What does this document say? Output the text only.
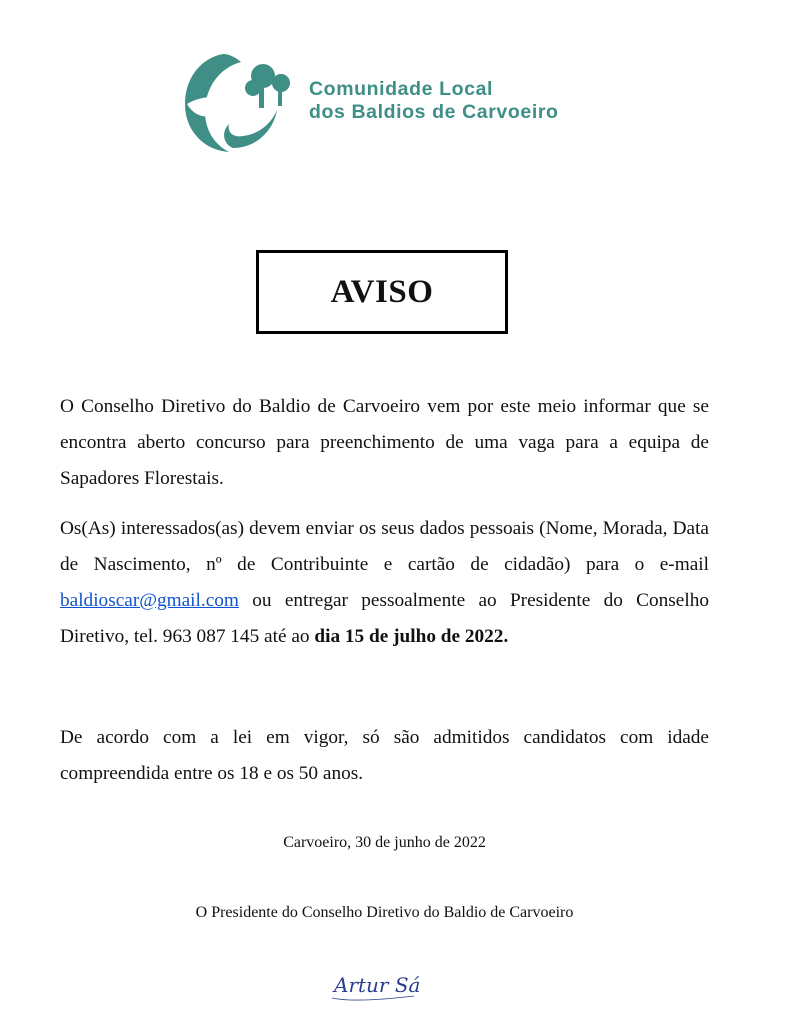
Comunidade Local
dos Baldios de Carvoeiro
AVISO
O Conselho Diretivo do Baldio de Carvoeiro vem por este meio informar que se encontra aberto concurso para preenchimento de uma vaga para a equipa de Sapadores Florestais.
Os(As) interessados(as) devem enviar os seus dados pessoais (Nome, Morada, Data de Nascimento, nº de Contribuinte e cartão de cidadão) para o e-mail baldioscar@gmail.com ou entregar pessoalmente ao Presidente do Conselho Diretivo, tel. 963 087 145 até ao dia 15 de julho de 2022.
De acordo com a lei em vigor, só são admitidos candidatos com idade compreendida entre os 18 e os 50 anos.
Carvoeiro, 30 de junho de 2022
O Presidente do Conselho Diretivo do Baldio de Carvoeiro
Artur Sá
